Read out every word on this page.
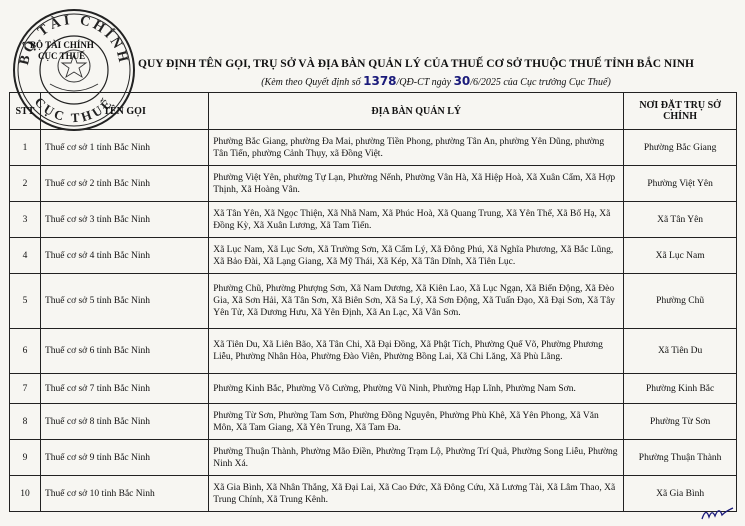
BỘ TÀI CHÍNH
CỤC THUẾ
BỘ TÀI CHÍNH
CỤC THUẾ
QUY ĐỊNH TÊN GỌI, TRỤ SỞ VÀ ĐỊA BÀN QUẢN LÝ CỦA THUẾ CƠ SỞ THUỘC THUẾ TỈNH BẮC NINH
(Kèm theo Quyết định số 1378/QĐ-CT ngày 30/6/2025 của Cục trưởng Cục Thuế)
STT	TÊN GỌI	ĐỊA BÀN QUẢN LÝ	NƠI ĐẶT TRỤ SỞ CHÍNH
1	Thuế cơ sở 1 tỉnh Bắc Ninh	Phường Bắc Giang, phường Đa Mai, phường Tiền Phong, phường Tân An, phường Yên Dũng, phường Tân Tiến, phường Cảnh Thụy, xã Đồng Việt.	Phường Bắc Giang
2	Thuế cơ sở 2 tỉnh Bắc Ninh	Phường Việt Yên, phường Tự Lạn, Phường Nếnh, Phường Vân Hà, Xã Hiệp Hoà, Xã Xuân Cẩm, Xã Hợp Thịnh, Xã Hoàng Vân.	Phường Việt Yên
3	Thuế cơ sở 3 tỉnh Bắc Ninh	Xã Tân Yên, Xã Ngọc Thiện, Xã Nhã Nam, Xã Phúc Hoà, Xã Quang Trung, Xã Yên Thế, Xã Bố Hạ, Xã Đồng Kỳ, Xã Xuân Lương, Xã Tam Tiến.	Xã Tân Yên
4	Thuế cơ sở 4 tỉnh Bắc Ninh	Xã Lục Nam, Xã Lục Sơn, Xã Trường Sơn, Xã Cẩm Lý, Xã Đông Phú, Xã Nghĩa Phương, Xã Bắc Lũng, Xã Bảo Đài, Xã Lạng Giang, Xã Mỹ Thái, Xã Kép, Xã Tân Dĩnh, Xã Tiên Lục.	Xã Lục Nam
5	Thuế cơ sở 5 tỉnh Bắc Ninh	Phường Chũ, Phường Phượng Sơn, Xã Nam Dương, Xã Kiên Lao, Xã Lục Ngạn, Xã Biển Động, Xã Đèo Gia, Xã Sơn Hải, Xã Tân Sơn, Xã Biên Sơn, Xã Sa Lý, Xã Sơn Động, Xã Tuấn Đạo, Xã Đại Sơn, Xã Tây Yên Tử, Xã Dương Hưu, Xã Yên Định, Xã An Lạc, Xã Vân Sơn.	Phường Chũ
6	Thuế cơ sở 6 tỉnh Bắc Ninh	Xã Tiên Du, Xã Liên Bão, Xã Tân Chi, Xã Đại Đồng, Xã Phật Tích, Phường Quế Võ, Phường Phương Liễu, Phường Nhân Hòa, Phường Đào Viên, Phường Bồng Lai, Xã Chi Lăng, Xã Phù Lãng.	Xã Tiên Du
7	Thuế cơ sở 7 tỉnh Bắc Ninh	Phường Kinh Bắc, Phường Võ Cường, Phường Vũ Ninh, Phường Hạp Lĩnh, Phường Nam Sơn.	Phường Kinh Bắc
8	Thuế cơ sở 8 tỉnh Bắc Ninh	Phường Từ Sơn, Phường Tam Sơn, Phường Đồng Nguyên, Phường Phù Khê, Xã Yên Phong, Xã Văn Môn, Xã Tam Giang, Xã Yên Trung, Xã Tam Đa.	Phường Từ Sơn
9	Thuế cơ sở 9 tỉnh Bắc Ninh	Phường Thuận Thành, Phường Mão Điền, Phường Trạm Lộ, Phường Trí Quả, Phường Song Liễu, Phường Ninh Xá.	Phường Thuận Thành
10	Thuế cơ sở 10 tỉnh Bắc Ninh	Xã Gia Bình, Xã Nhân Thắng, Xã Đại Lai, Xã Cao Đức, Xã Đông Cứu, Xã Lương Tài, Xã Lâm Thao, Xã Trung Chính, Xã Trung Kênh.	Xã Gia Bình
